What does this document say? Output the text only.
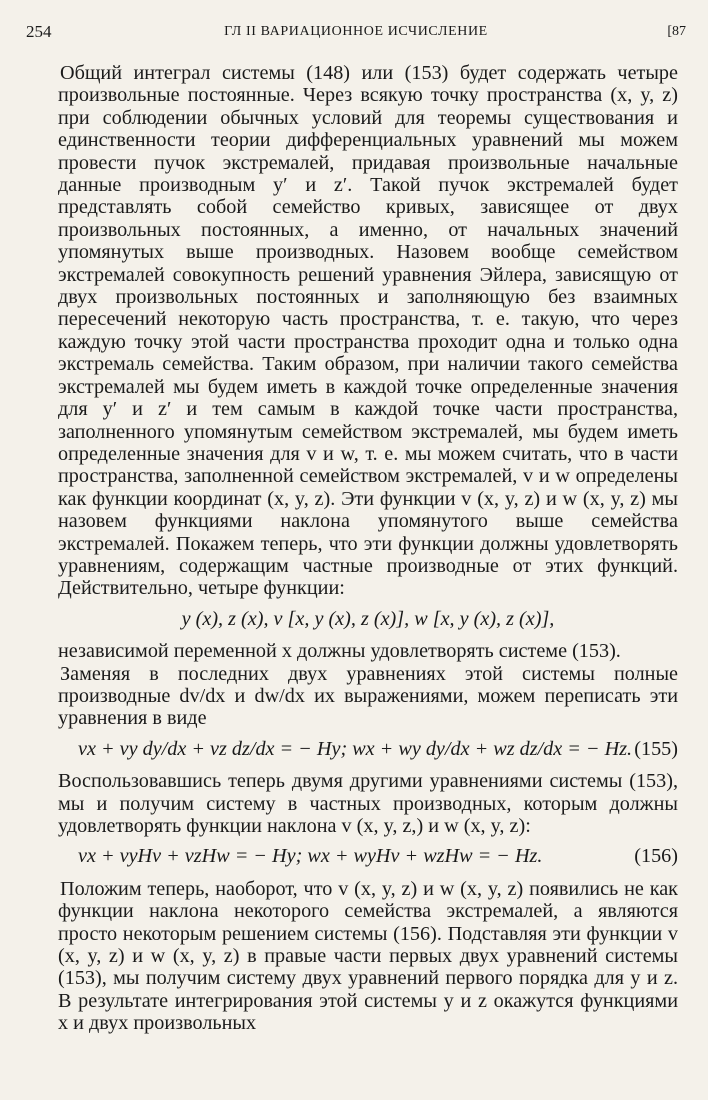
254	ГЛ II ВАРИАЦИОННОЕ ИСЧИСЛЕНИЕ	[87

Общий интеграл системы (148) или (153) будет содержать четыре произвольные постоянные. Через всякую точку пространства (x, y, z) при соблюдении обычных условий для теоремы существования и единственности теории дифференциальных уравнений мы можем провести пучок экстремалей, придавая произвольные начальные данные производным y′ и z′. Такой пучок экстремалей будет представлять собой семейство кривых, зависящее от двух произвольных постоянных, а именно, от начальных значений упомянутых выше производных. Назовем вообще семейством экстремалей совокупность решений уравнения Эйлера, зависящую от двух произвольных постоянных и заполняющую без взаимных пересечений некоторую часть пространства, т. е. такую, что через каждую точку этой части пространства проходит одна и только одна экстремаль семейства. Таким образом, при наличии такого семейства экстремалей мы будем иметь в каждой точке определенные значения для y′ и z′ и тем самым в каждой точке части пространства, заполненного упомянутым семейством экстремалей, мы будем иметь определенные значения для v и w, т. е. мы можем считать, что в части пространства, заполненной семейством экстремалей, v и w определены как функции координат (x, y, z). Эти функции v (x, y, z) и w (x, y, z) мы назовем функциями наклона упомянутого выше семейства экстремалей. Покажем теперь, что эти функции должны удовлетворять уравнениям, содержащим частные производные от этих функций. Действительно, четыре функции:

y (x), z (x), v [x, y (x), z (x)], w [x, y (x), z (x)],

независимой переменной x должны удовлетворять системе (153).

Заменяя в последних двух уравнениях этой системы полные производные dv/dx и dw/dx их выражениями, можем переписать эти уравнения в виде

vx + vy dy/dx + vz dz/dx = − Hy; wx + wy dy/dx + wz dz/dx = − Hz. (155)

Воспользовавшись теперь двумя другими уравнениями системы (153), мы и получим систему в частных производных, которым должны удовлетворять функции наклона v (x, y, z,) и w (x, y, z):

vx + vyHv + vzHw = − Hy; wx + wyHv + wzHw = − Hz.	(156)

Положим теперь, наоборот, что v (x, y, z) и w (x, y, z) появились не как функции наклона некоторого семейства экстремалей, а являются просто некоторым решением системы (156). Подставляя эти функции v (x, y, z) и w (x, y, z) в правые части первых двух уравнений системы (153), мы получим систему двух уравнений первого порядка для y и z. В результате интегрирования этой системы y и z окажутся функциями x и двух произвольных
